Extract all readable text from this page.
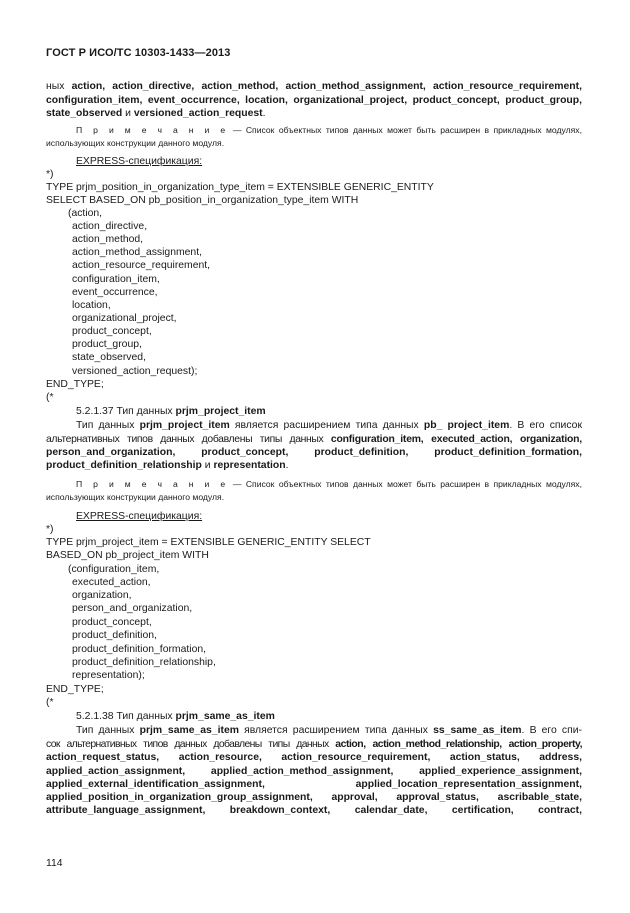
ГОСТ Р ИСО/ТС 10303-1433—2013
ных action, action_directive, action_method, action_method_assignment, action_resource_requirement,
configuration_item, event_occurrence, location, organizational_project, product_concept, product_group,
state_observed и versioned_action_request.
П р и м е ч а н и е — Список объектных типов данных может быть расширен в прикладных модулях,
использующих конструкции данного модуля.
EXPRESS-спецификация:
*)
TYPE prjm_position_in_organization_type_item = EXTENSIBLE GENERIC_ENTITY
SELECT BASED_ON pb_position_in_organization_type_item WITH
(action,
action_directive,
action_method,
action_method_assignment,
action_resource_requirement,
configuration_item,
event_occurrence,
location,
organizational_project,
product_concept,
product_group,
state_observed,
versioned_action_request);
END_TYPE;
(*
5.2.1.37 Тип данных prjm_project_item
Тип данных prjm_project_item является расширением типа данных pb_ project_item. В его список
альтернативных типов данных добавлены типы данных configuration_item, executed_action, organization,
person_and_organization, product_concept, product_definition, product_definition_formation,
product_definition_relationship и representation.
П р и м е ч а н и е — Список объектных типов данных может быть расширен в прикладных модулях,
использующих конструкции данного модуля.
EXPRESS-спецификация:
*)
TYPE prjm_project_item = EXTENSIBLE GENERIC_ENTITY SELECT
BASED_ON pb_project_item WITH
(configuration_item,
executed_action,
organization,
person_and_organization,
product_concept,
product_definition,
product_definition_formation,
product_definition_relationship,
representation);
END_TYPE;
(*
5.2.1.38 Тип данных prjm_same_as_item
Тип данных prjm_same_as_item является расширением типа данных ss_same_as_item. В его спи-
сок альтернативных типов данных добавлены типы данных action, action_method_relationship, action_property,
action_request_status, action_resource, action_resource_requirement, action_status, address,
applied_action_assignment, applied_action_method_assignment, applied_experience_assignment,
applied_external_identification_assignment, applied_location_representation_assignment,
applied_position_in_organization_group_assignment, approval, approval_status, ascribable_state,
attribute_language_assignment, breakdown_context, calendar_date, certification, contract,
114
